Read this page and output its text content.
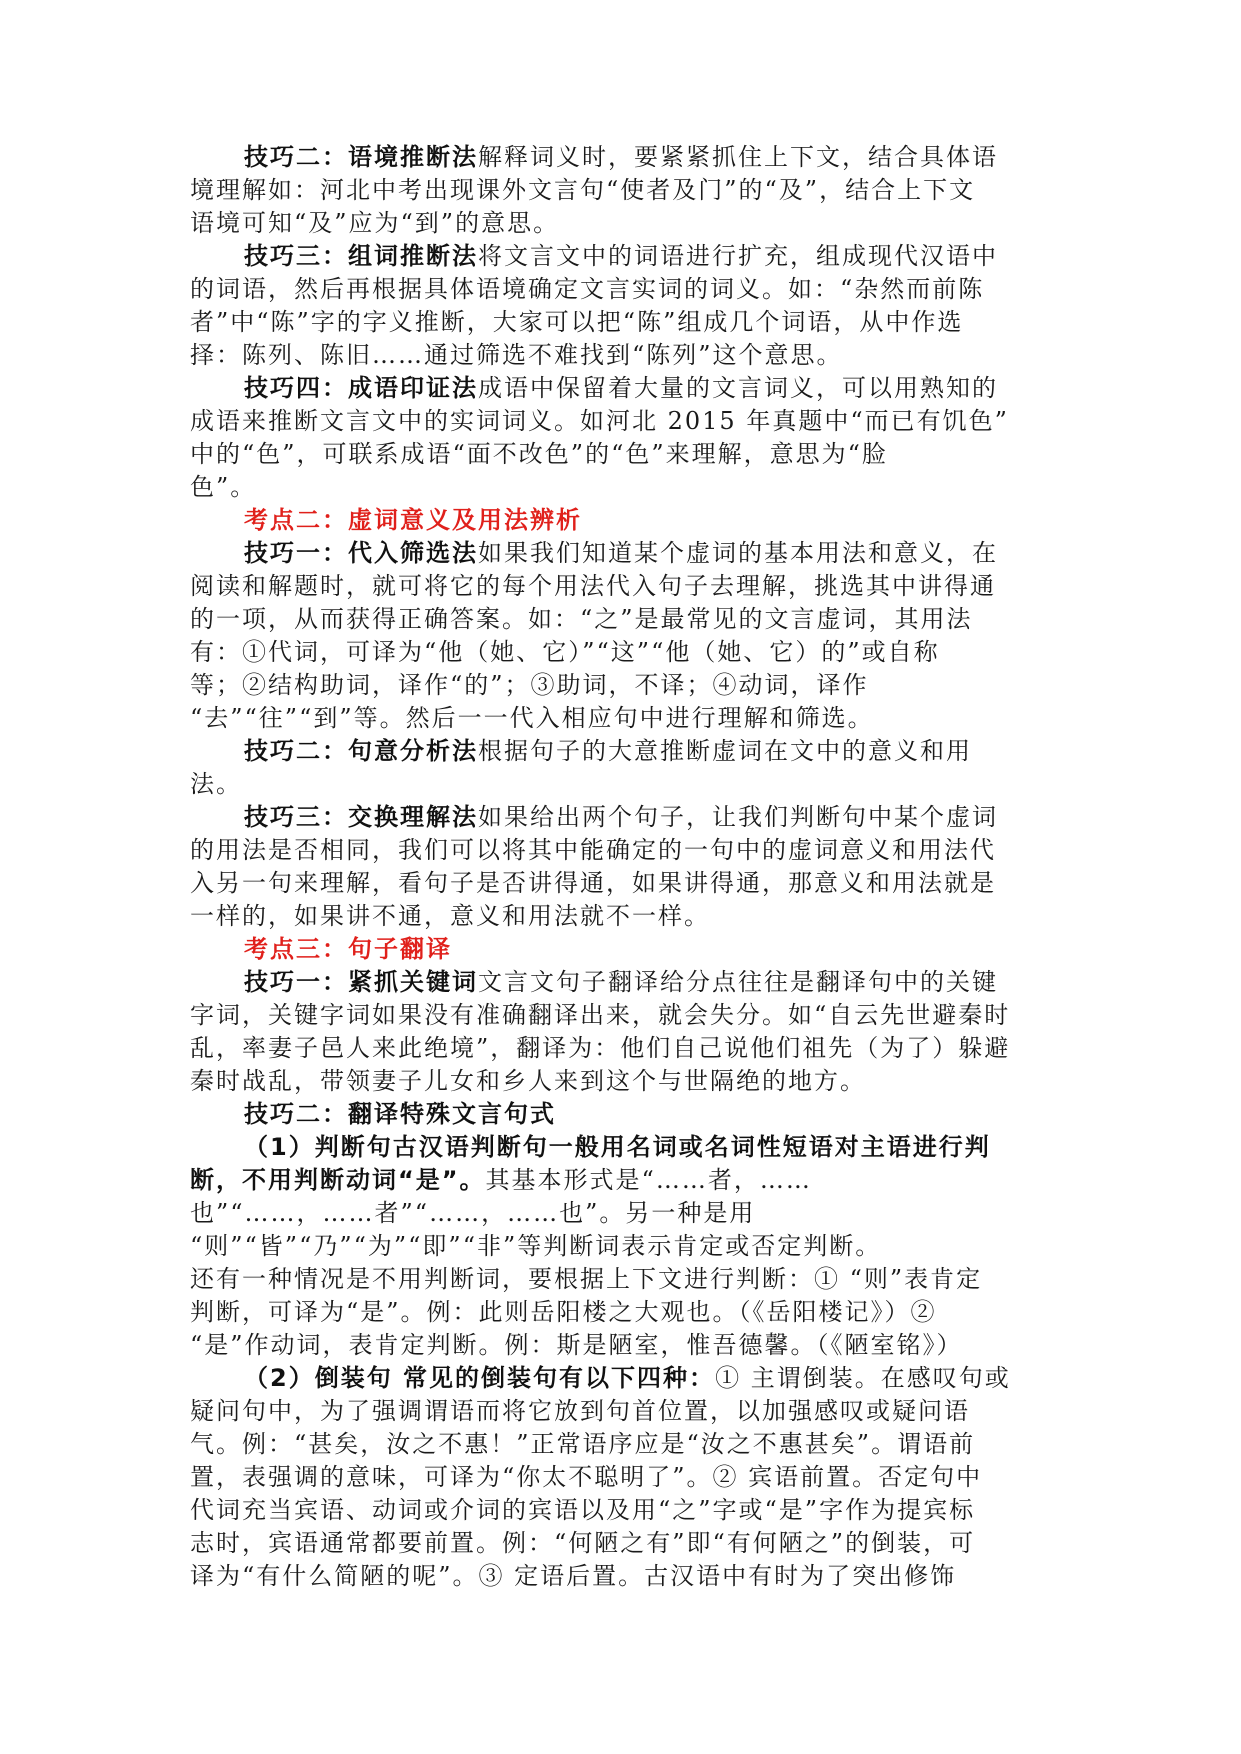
技巧二：语境推断法解释词义时，要紧紧抓住上下文，结合具体语
境理解如：河北中考出现课外文言句“使者及门”的“及”，结合上下文
语境可知“及”应为“到”的意思。
技巧三：组词推断法将文言文中的词语进行扩充，组成现代汉语中
的词语，然后再根据具体语境确定文言实词的词义。如：“杂然而前陈
者”中“陈”字的字义推断，大家可以把“陈”组成几个词语，从中作选
择：陈列、陈旧……通过筛选不难找到“陈列”这个意思。
技巧四：成语印证法成语中保留着大量的文言词义，可以用熟知的
成语来推断文言文中的实词词义。如河北 2015 年真题中“而已有饥色”
中的“色”，可联系成语“面不改色”的“色”来理解，意思为“脸
色”。
考点二：虚词意义及用法辨析
技巧一：代入筛选法如果我们知道某个虚词的基本用法和意义，在
阅读和解题时，就可将它的每个用法代入句子去理解，挑选其中讲得通
的一项，从而获得正确答案。如：“之”是最常见的文言虚词，其用法
有：①代词，可译为“他（她、它）”“这”“他（她、它）的”或自称
等；②结构助词，译作“的”；③助词，不译；④动词，译作
“去”“往”“到”等。然后一一代入相应句中进行理解和筛选。
技巧二：句意分析法根据句子的大意推断虚词在文中的意义和用
法。
技巧三：交换理解法如果给出两个句子，让我们判断句中某个虚词
的用法是否相同，我们可以将其中能确定的一句中的虚词意义和用法代
入另一句来理解，看句子是否讲得通，如果讲得通，那意义和用法就是
一样的，如果讲不通，意义和用法就不一样。
考点三：句子翻译
技巧一：紧抓关键词文言文句子翻译给分点往往是翻译句中的关键
字词，关键字词如果没有准确翻译出来，就会失分。如“自云先世避秦时
乱，率妻子邑人来此绝境”，翻译为：他们自己说他们祖先（为了）躲避
秦时战乱，带领妻子儿女和乡人来到这个与世隔绝的地方。
技巧二：翻译特殊文言句式
（1）判断句古汉语判断句一般用名词或名词性短语对主语进行判
断，不用判断动词“是”。其基本形式是“……者，……
也”“……，……者”“……，……也”。另一种是用
“则”“皆”“乃”“为”“即”“非”等判断词表示肯定或否定判断。
还有一种情况是不用判断词，要根据上下文进行判断：① “则”表肯定
判断，可译为“是”。例：此则岳阳楼之大观也。（《岳阳楼记》）②
“是”作动词，表肯定判断。例：斯是陋室，惟吾德馨。（《陋室铭》）
（2）倒装句 常见的倒装句有以下四种：① 主谓倒装。在感叹句或
疑问句中，为了强调谓语而将它放到句首位置，以加强感叹或疑问语
气。例：“甚矣，汝之不惠！”正常语序应是“汝之不惠甚矣”。谓语前
置，表强调的意味，可译为“你太不聪明了”。② 宾语前置。否定句中
代词充当宾语、动词或介词的宾语以及用“之”字或“是”字作为提宾标
志时，宾语通常都要前置。例：“何陋之有”即“有何陋之”的倒装，可
译为“有什么简陋的呢”。③ 定语后置。古汉语中有时为了突出修饰
